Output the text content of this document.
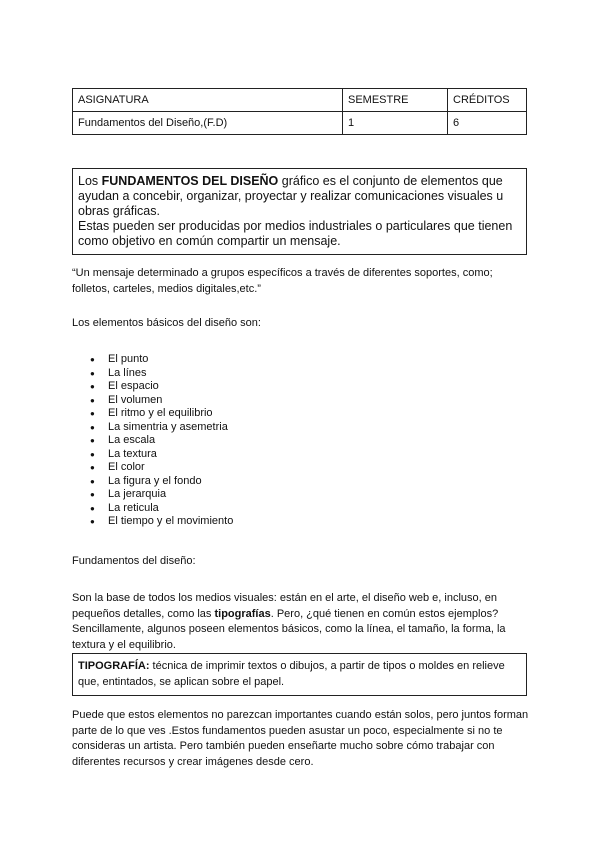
ASIGNATURA	SEMESTRE	CRÉDITOS
Fundamentos del Diseño,(F.D)	1	6

Los FUNDAMENTOS DEL DISEÑO gráfico es el conjunto de elementos que ayudan a concebir, organizar, proyectar y realizar comunicaciones visuales u obras gráficas.

Estas pueden ser producidas por medios industriales o particulares que tienen como objetivo en común compartir un mensaje.

“Un mensaje determinado a grupos específicos a través de diferentes soportes, como; folletos, carteles, medios digitales,etc.”
Los elementos básicos del diseño son:
● El punto
● La línes
● El espacio
● El volumen
● El ritmo y el equilibrio
● La simentria y asemetria
● La escala
● La textura
● El color
● La figura y el fondo
● La jerarquia
● La reticula
● El tiempo y el movimiento
Fundamentos del diseño:
Son la base de todos los medios visuales: están en el arte, el diseño web e, incluso, en pequeños detalles, como las tipografías. Pero, ¿qué tienen en común estos ejemplos? Sencillamente, algunos poseen elementos básicos, como la línea, el tamaño, la forma, la textura y el equilibrio.
TIPOGRAFÍA: técnica de imprimir textos o dibujos, a partir de tipos o moldes en relieve que, entintados, se aplican sobre el papel.
Puede que estos elementos no parezcan importantes cuando están solos, pero juntos forman parte de lo que ves .Estos fundamentos pueden asustar un poco, especialmente si no te consideras un artista. Pero también pueden enseñarte mucho sobre cómo trabajar con diferentes recursos y crear imágenes desde cero.
